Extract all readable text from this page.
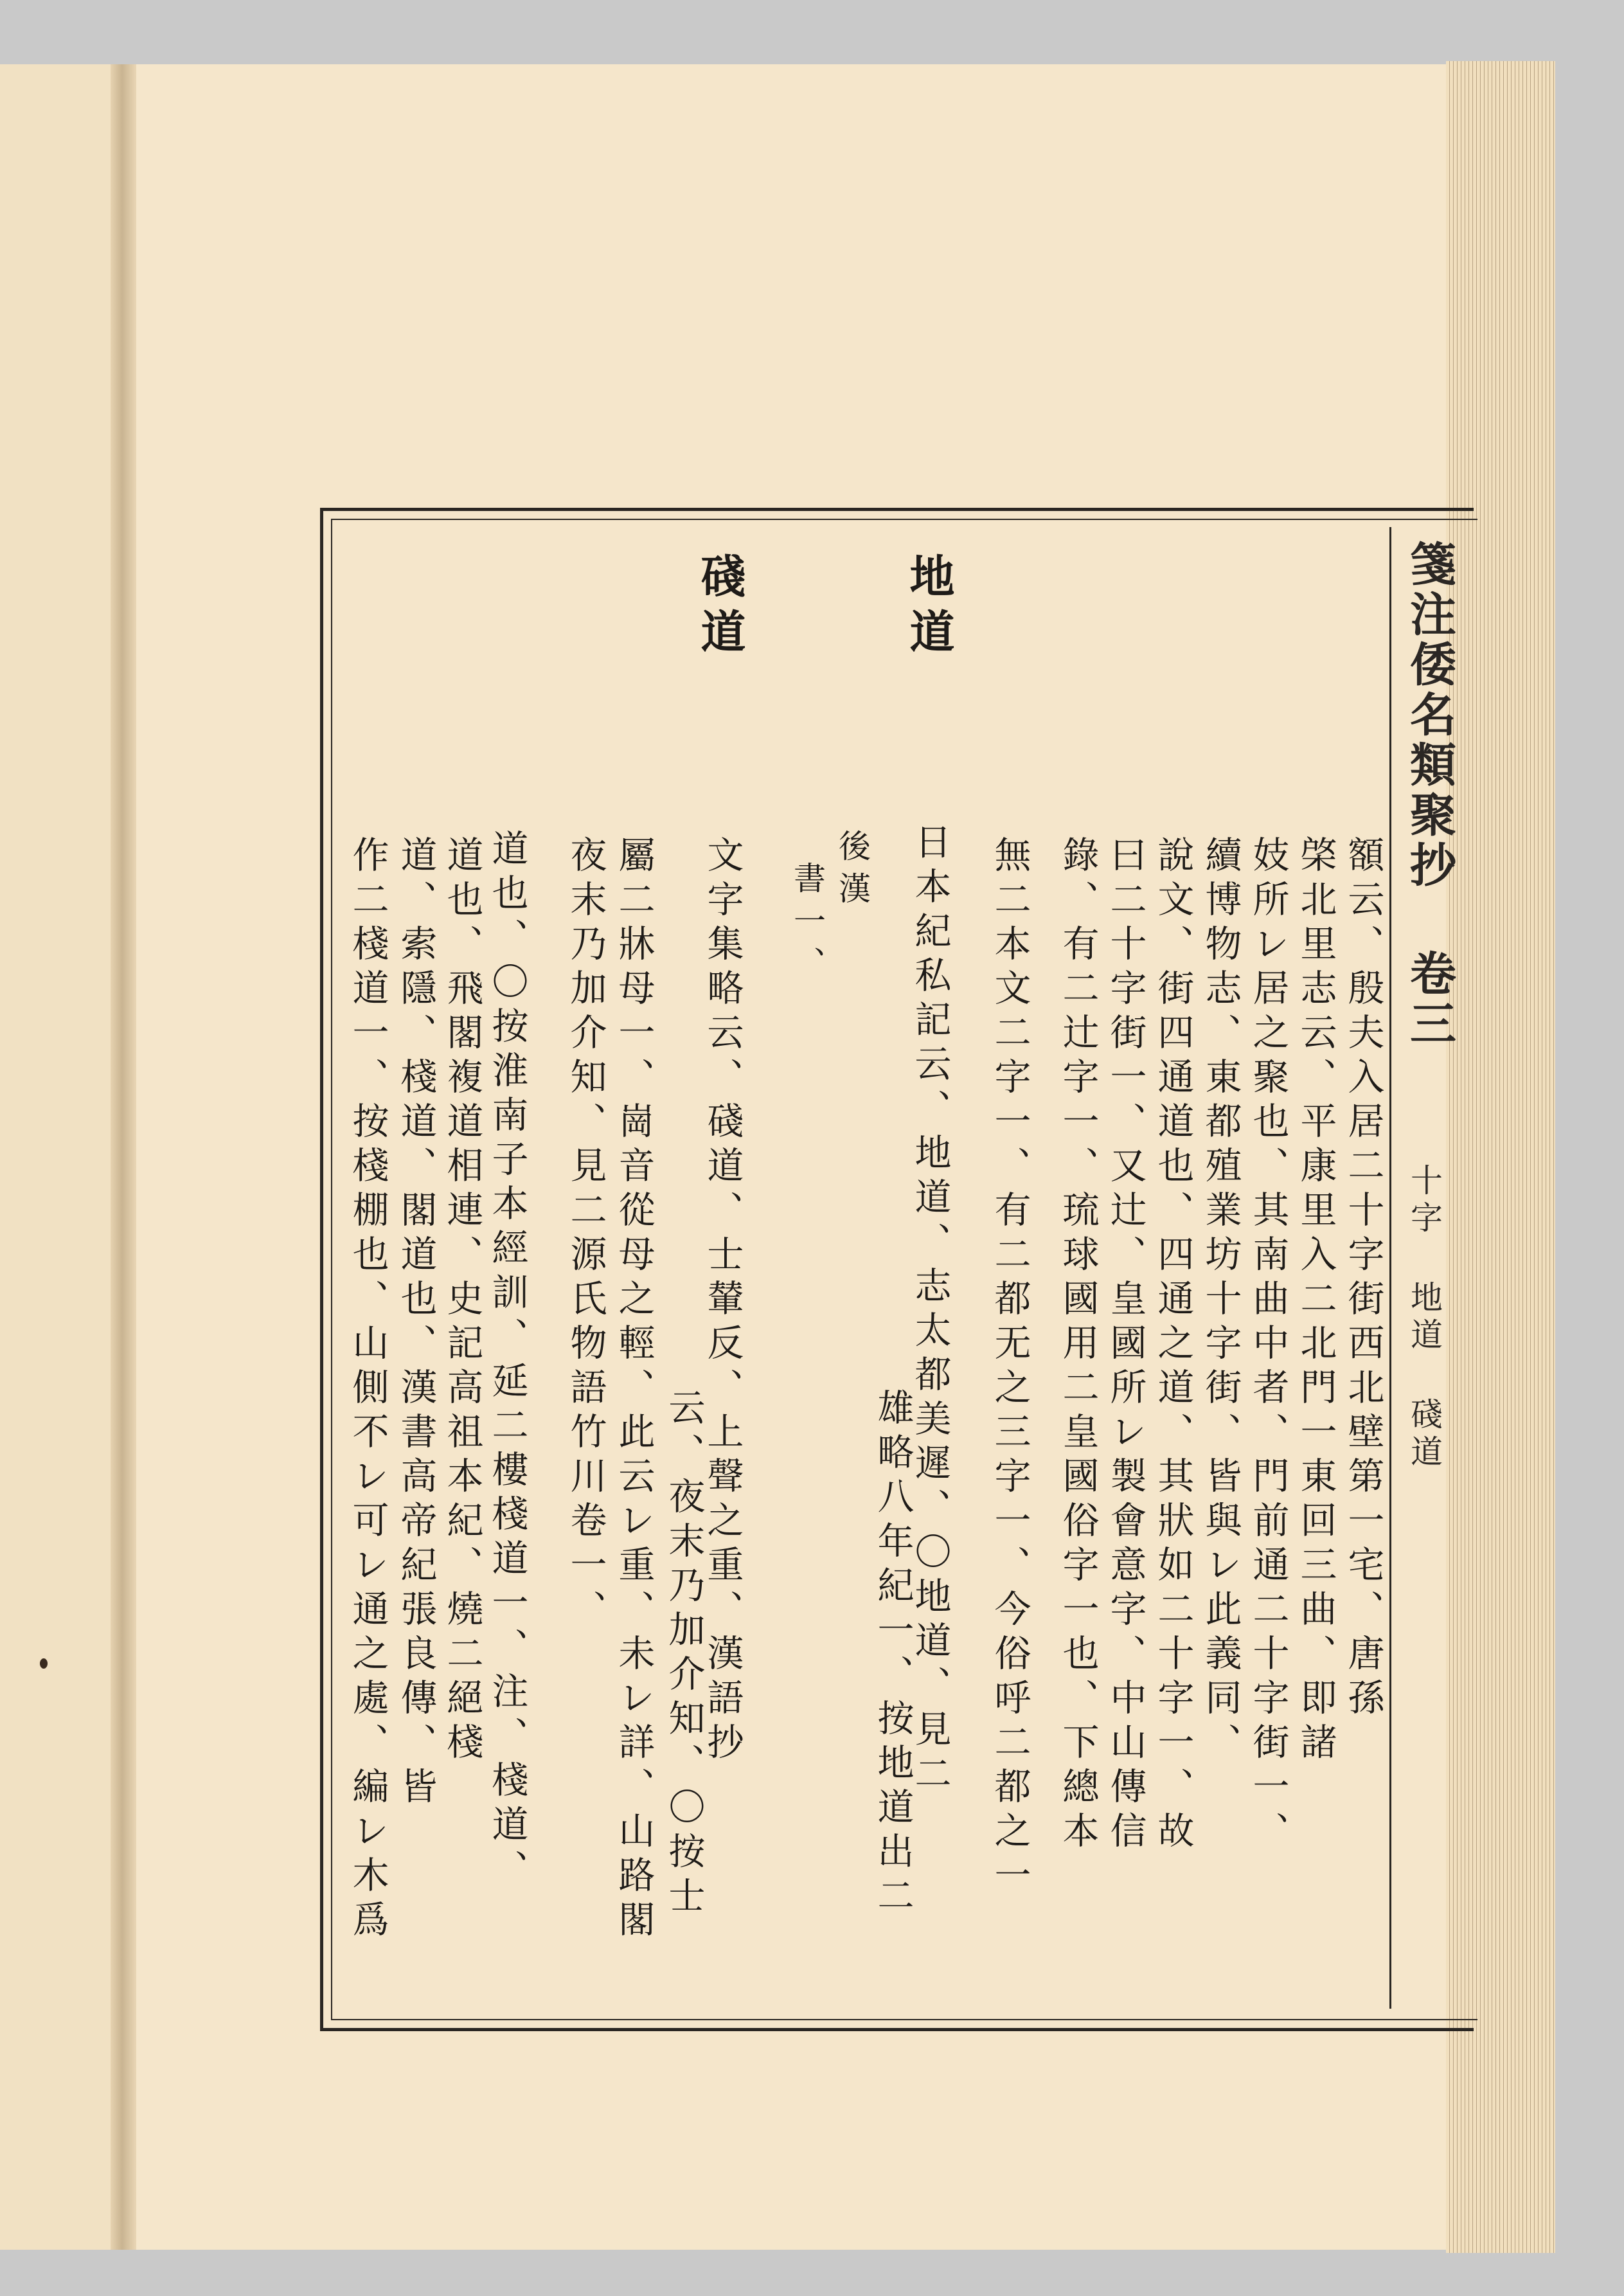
箋注倭名類聚抄 卷三
十字 地道 碊道
地道
碊道
額云、殷夫入居二十字街西北壁第一宅、唐孫
棨北里志云、平康里入二北門一東回三曲、即諸
妓所レ居之聚也、其南曲中者、門前通二十字街一、
續博物志、東都殖業坊十字街、皆與レ此義同、
說文、街四通道也、四通之道、其狀如二十字一、故
曰二十字街一、又辻、皇國所レ製會意字、中山傳信
錄、有二辻字一、琉球國用二皇國俗字一也、下總本
無二本文二字一、有二都无之三字一、今俗呼二都之一
日本紀私記云、地道、志太都美遲、〇地道、見二
雄略八年紀一、按地道出二
後漢
書一、
文字集略云、碊道、士輦反、上聲之重、漢語抄
云、夜末乃加介知、〇按士
屬二牀母一、崗音從母之輕、此云レ重、未レ詳、山路閣
夜末乃加介知、見二源氏物語竹川卷一、
道也、〇按淮南子本經訓、延二樓棧道一、注、棧道、
道也、飛閣複道相連、史記高祖本紀、燒二絕棧
道、索隱、棧道、閣道也、漢書高帝紀張良傳、皆
作二棧道一、按棧棚也、山側不レ可レ通之處、編レ木爲
